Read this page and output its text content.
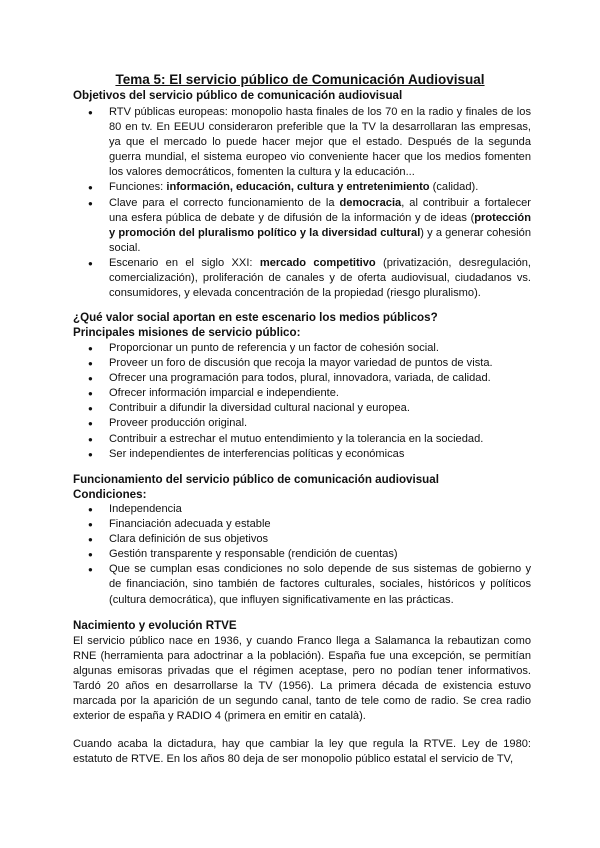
Tema 5: El servicio público de Comunicación Audiovisual
Objetivos del servicio público de comunicación audiovisual
● RTV públicas europeas: monopolio hasta finales de los 70 en la radio y finales de los 80 en tv. En EEUU consideraron preferible que la TV la desarrollaran las empresas, ya que el mercado lo puede hacer mejor que el estado. Después de la segunda guerra mundial, el sistema europeo vio conveniente hacer que los medios fomenten los valores democráticos, fomenten la cultura y la educación...
● Funciones: información, educación, cultura y entretenimiento (calidad).
● Clave para el correcto funcionamiento de la democracia, al contribuir a fortalecer una esfera pública de debate y de difusión de la información y de ideas (protección y promoción del pluralismo político y la diversidad cultural) y a generar cohesión social.
● Escenario en el siglo XXI: mercado competitivo (privatización, desregulación, comercialización), proliferación de canales y de oferta audiovisual, ciudadanos vs. consumidores, y elevada concentración de la propiedad (riesgo pluralismo).
¿Qué valor social aportan en este escenario los medios públicos?
Principales misiones de servicio público:
● Proporcionar un punto de referencia y un factor de cohesión social.
● Proveer un foro de discusión que recoja la mayor variedad de puntos de vista.
● Ofrecer una programación para todos, plural, innovadora, variada, de calidad.
● Ofrecer información imparcial e independiente.
● Contribuir a difundir la diversidad cultural nacional y europea.
● Proveer producción original.
● Contribuir a estrechar el mutuo entendimiento y la tolerancia en la sociedad.
● Ser independientes de interferencias políticas y económicas
Funcionamiento del servicio público de comunicación audiovisual
Condiciones:
● Independencia
● Financiación adecuada y estable
● Clara definición de sus objetivos
● Gestión transparente y responsable (rendición de cuentas)
● Que se cumplan esas condiciones no solo depende de sus sistemas de gobierno y de financiación, sino también de factores culturales, sociales, históricos y políticos (cultura democrática), que influyen significativamente en las prácticas.
Nacimiento y evolución RTVE
El servicio público nace en 1936, y cuando Franco llega a Salamanca la rebautizan como RNE (herramienta para adoctrinar a la población). España fue una excepción, se permitían algunas emisoras privadas que el régimen aceptase, pero no podían tener informativos. Tardó 20 años en desarrollarse la TV (1956). La primera década de existencia estuvo marcada por la aparición de un segundo canal, tanto de tele como de radio. Se crea radio exterior de españa y RADIO 4 (primera en emitir en català).
Cuando acaba la dictadura, hay que cambiar la ley que regula la RTVE. Ley de 1980: estatuto de RTVE. En los años 80 deja de ser monopolio público estatal el servicio de TV,
